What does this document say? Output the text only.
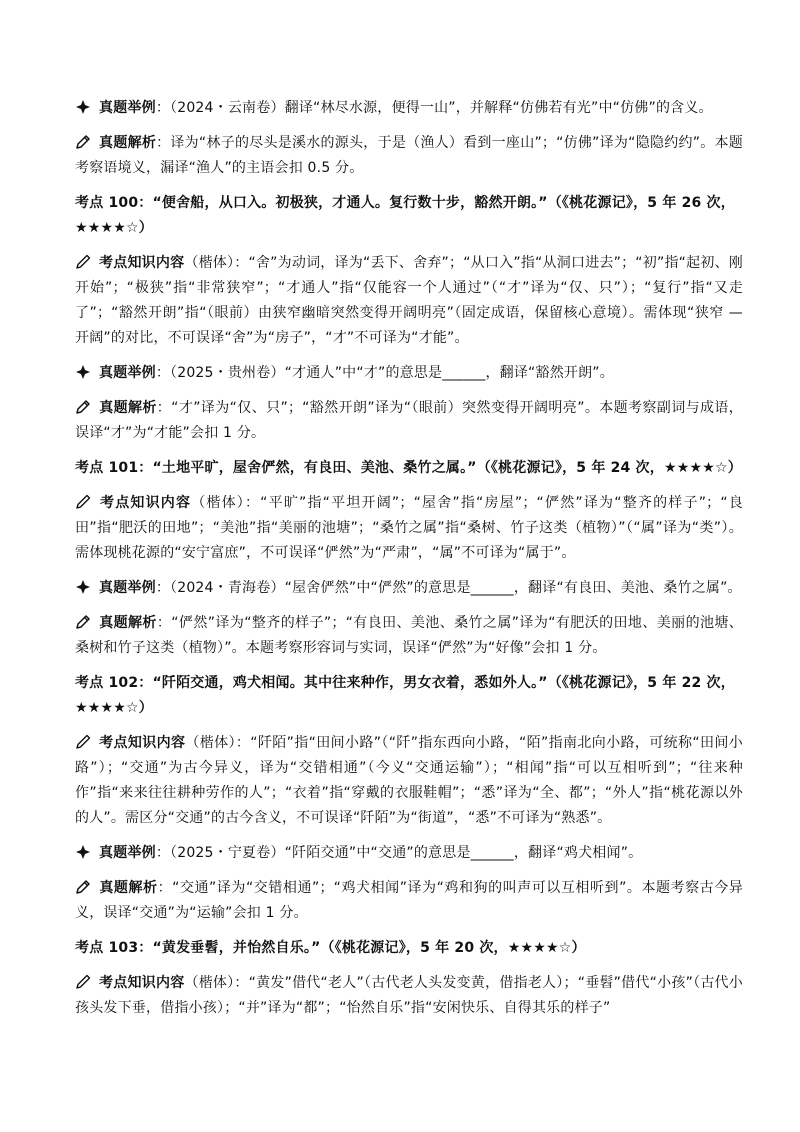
真题举例：（2024・云南卷）翻译“林尽水源，便得一山”，并解释“仿佛若有光”中“仿佛”的含义。

真题解析：译为“林子的尽头是溪水的源头，于是（渔人）看到一座山”；“仿佛”译为“隐隐约约”。本题考察语境义，漏译“渔人”的主语会扣 0.5 分。

考点 100：“便舍船，从口入。初极狭，才通人。复行数十步，豁然开朗。”（《桃花源记》，5 年 26 次，★★★★☆）

考点知识内容（楷体）：“舍”为动词，译为“丢下、舍弃”；“从口入”指“从洞口进去”；“初”指“起初、刚开始”；“极狭”指“非常狭窄”；“才通人”指“仅能容一个人通过”（“才”译为“仅、只”）；“复行”指“又走了”；“豁然开朗”指“（眼前）由狭窄幽暗突然变得开阔明亮”（固定成语，保留核心意境）。需体现“狭窄 — 开阔”的对比，不可误译“舍”为“房子”，“才”不可译为“才能”。

真题举例：（2025・贵州卷）“才通人”中“才”的意思是______，翻译“豁然开朗”。

真题解析：“才”译为“仅、只”；“豁然开朗”译为“（眼前）突然变得开阔明亮”。本题考察副词与成语，误译“才”为“才能”会扣 1 分。

考点 101：“土地平旷，屋舍俨然，有良田、美池、桑竹之属。”（《桃花源记》，5 年 24 次，★★★★☆）

考点知识内容（楷体）：“平旷”指“平坦开阔”；“屋舍”指“房屋”；“俨然”译为“整齐的样子”；“良田”指“肥沃的田地”；“美池”指“美丽的池塘”；“桑竹之属”指“桑树、竹子这类（植物）”（“属”译为“类”）。需体现桃花源的“安宁富庶”，不可误译“俨然”为“严肃”，“属”不可译为“属于”。

真题举例：（2024・青海卷）“屋舍俨然”中“俨然”的意思是______，翻译“有良田、美池、桑竹之属”。

真题解析：“俨然”译为“整齐的样子”；“有良田、美池、桑竹之属”译为“有肥沃的田地、美丽的池塘、桑树和竹子这类（植物）”。本题考察形容词与实词，误译“俨然”为“好像”会扣 1 分。

考点 102：“阡陌交通，鸡犬相闻。其中往来种作，男女衣着，悉如外人。”（《桃花源记》，5 年 22 次，★★★★☆）

考点知识内容（楷体）：“阡陌”指“田间小路”（“阡”指东西向小路，“陌”指南北向小路，可统称“田间小路”）；“交通”为古今异义，译为“交错相通”（今义“交通运输”）；“相闻”指“可以互相听到”；“往来种作”指“来来往往耕种劳作的人”；“衣着”指“穿戴的衣服鞋帽”；“悉”译为“全、都”；“外人”指“桃花源以外的人”。需区分“交通”的古今含义，不可误译“阡陌”为“街道”，“悉”不可译为“熟悉”。

真题举例：（2025・宁夏卷）“阡陌交通”中“交通”的意思是______，翻译“鸡犬相闻”。

真题解析：“交通”译为“交错相通”；“鸡犬相闻”译为“鸡和狗的叫声可以互相听到”。本题考察古今异义，误译“交通”为“运输”会扣 1 分。

考点 103：“黄发垂髫，并怡然自乐。”（《桃花源记》，5 年 20 次，★★★★☆）

考点知识内容（楷体）：“黄发”借代“老人”（古代老人头发变黄，借指老人）；“垂髫”借代“小孩”（古代小孩头发下垂，借指小孩）；“并”译为“都”；“怡然自乐”指“安闲快乐、自得其乐的样子”
